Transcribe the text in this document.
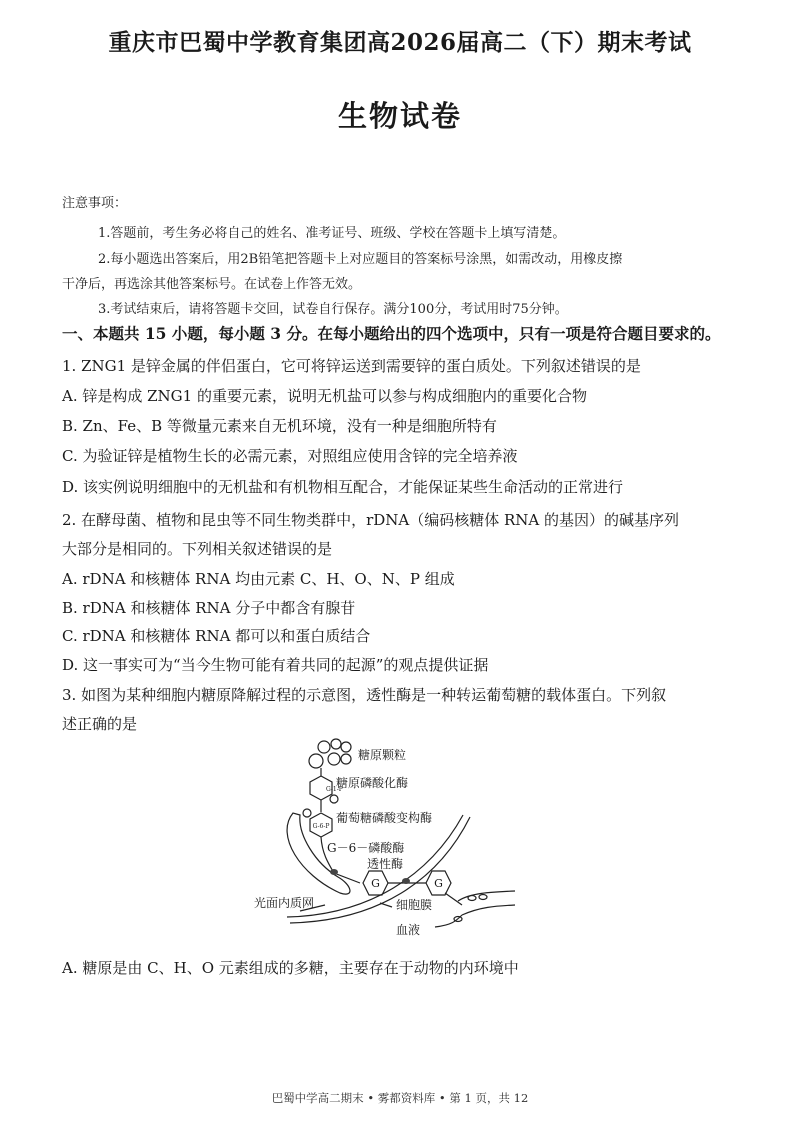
重庆市巴蜀中学教育集团高2026届高二（下）期末考试
生物试卷
注意事项：
1.答题前，考生务必将自己的姓名、准考证号、班级、学校在答题卡上填写清楚。
2.每小题选出答案后，用2B铅笔把答题卡上对应题目的答案标号涂黑，如需改动，用橡皮擦
干净后，再选涂其他答案标号。在试卷上作答无效。
3.考试结束后，请将答题卡交回，试卷自行保存。满分100分，考试用时75分钟。
一、本题共 15 小题，每小题 3 分。在每小题给出的四个选项中，只有一项是符合题目要求的。
1. ZNG1 是锌金属的伴侣蛋白，它可将锌运送到需要锌的蛋白质处。下列叙述错误的是
A. 锌是构成 ZNG1 的重要元素，说明无机盐可以参与构成细胞内的重要化合物
B. Zn、Fe、B 等微量元素来自无机环境，没有一种是细胞所特有
C. 为验证锌是植物生长的必需元素，对照组应使用含锌的完全培养液
D. 该实例说明细胞中的无机盐和有机物相互配合，才能保证某些生命活动的正常进行
2. 在酵母菌、植物和昆虫等不同生物类群中，rDNA（编码核糖体 RNA 的基因）的碱基序列
大部分是相同的。下列相关叙述错误的是
A. rDNA 和核糖体 RNA 均由元素 C、H、O、N、P 组成
B. rDNA 和核糖体 RNA 分子中都含有腺苷
C. rDNA 和核糖体 RNA 都可以和蛋白质结合
D. 这一事实可为“当今生物可能有着共同的起源”的观点提供证据
3. 如图为某种细胞内糖原降解过程的示意图，透性酶是一种转运葡萄糖的载体蛋白。下列叙
述正确的是
G-1-P
G-6-P
G	G
糖原颗粒
糖原磷酸化酶
葡萄糖磷酸变构酶
G－6－磷酸酶
透性酶
光面内质网	细胞膜
血液
A. 糖原是由 C、H、O 元素组成的多糖，主要存在于动物的内环境中
巴蜀中学高二期末 • 雾都资料库 • 第 1 页，共 12
